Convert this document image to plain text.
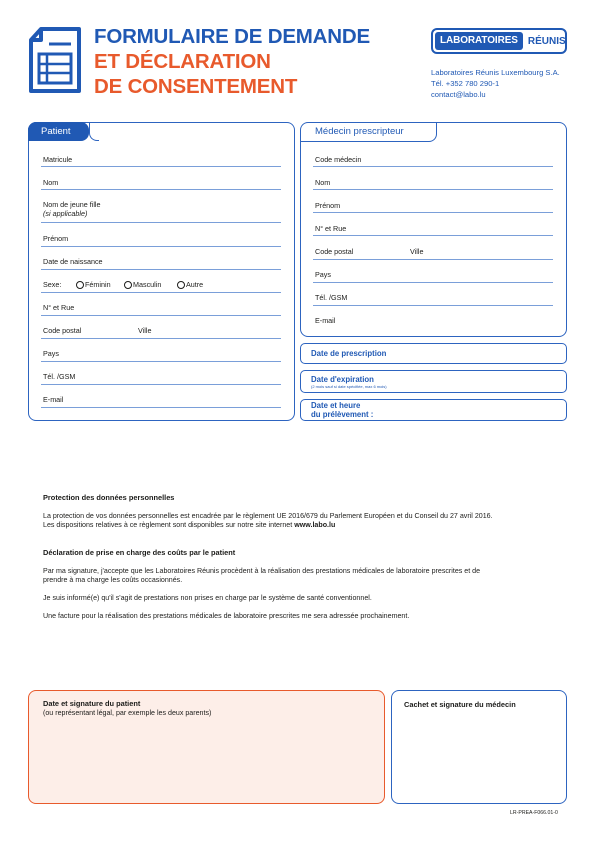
FORMULAIRE DE DEMANDE
ET DÉCLARATION
DE CONSENTEMENT
LABORATOIRES	RÉUNIS
Laboratoires Réunis Luxembourg S.A.
Tél. +352 780 290-1
contact@labo.lu
Patient
Matricule
Nom
Nom de jeune fille
(si applicable)
Prénom
Date de naissance
Sexe:	Féminin	Masculin	Autre
N° et Rue
Code postal	Ville
Pays
Tél. /GSM
E-mail
Médecin prescripteur
Code médecin
Nom
Prénom
N° et Rue
Code postal	Ville
Pays
Tél. /GSM
E-mail
Date de prescription
Date d'expiration
(2 mois sauf si date spécifiée, max 6 mois)
Date et heure
du prélèvement :
Protection des données personnelles
La protection de vos données personnelles est encadrée par le règlement UE 2016/679 du Parlement Européen et du Conseil du 27 avril 2016.
Les dispositions relatives à ce règlement sont disponibles sur notre site internet www.labo.lu
Déclaration de prise en charge des coûts par le patient
Par ma signature, j'accepte que les Laboratoires Réunis procèdent à la réalisation des prestations médicales de laboratoire prescrites et de
prendre à ma charge les coûts occasionnés.
Je suis informé(e) qu'il s'agit de prestations non prises en charge par le système de santé conventionnel.
Une facture pour la réalisation des prestations médicales de laboratoire prescrites me sera adressée prochainement.
Date et signature du patient
(ou représentant légal, par exemple les deux parents)
Cachet et signature du médecin
LR-PREA-F066.01-0
